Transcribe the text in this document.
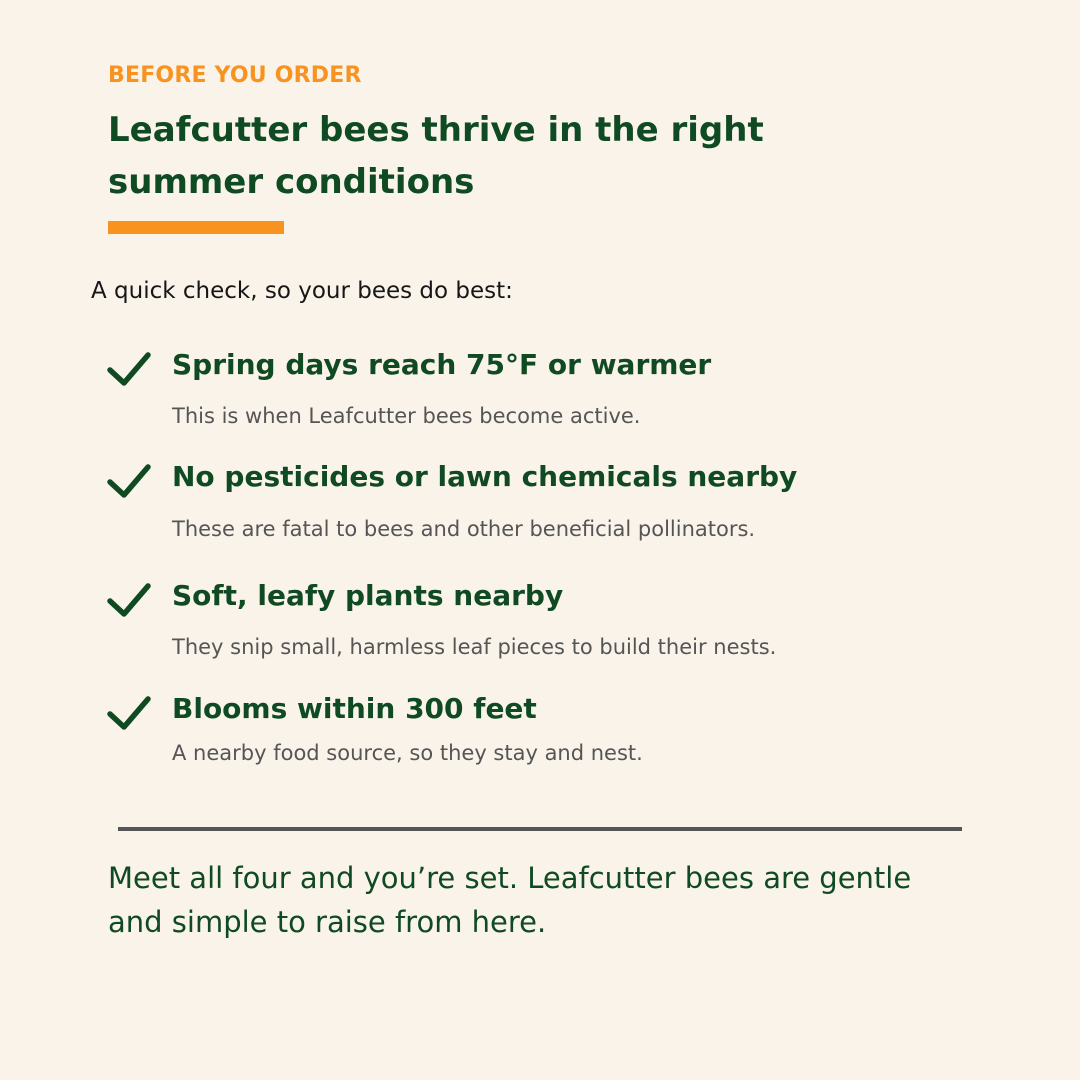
BEFORE YOU ORDER
Leafcutter bees thrive in the right summer conditions
A quick check, so your bees do best:
Spring days reach 75°F or warmer
This is when Leafcutter bees become active.
No pesticides or lawn chemicals nearby
These are fatal to bees and other beneficial pollinators.
Soft, leafy plants nearby
They snip small, harmless leaf pieces to build their nests.
Blooms within 300 feet
A nearby food source, so they stay and nest.

Meet all four and you’re set. Leafcutter bees are gentle and simple to raise from here.
